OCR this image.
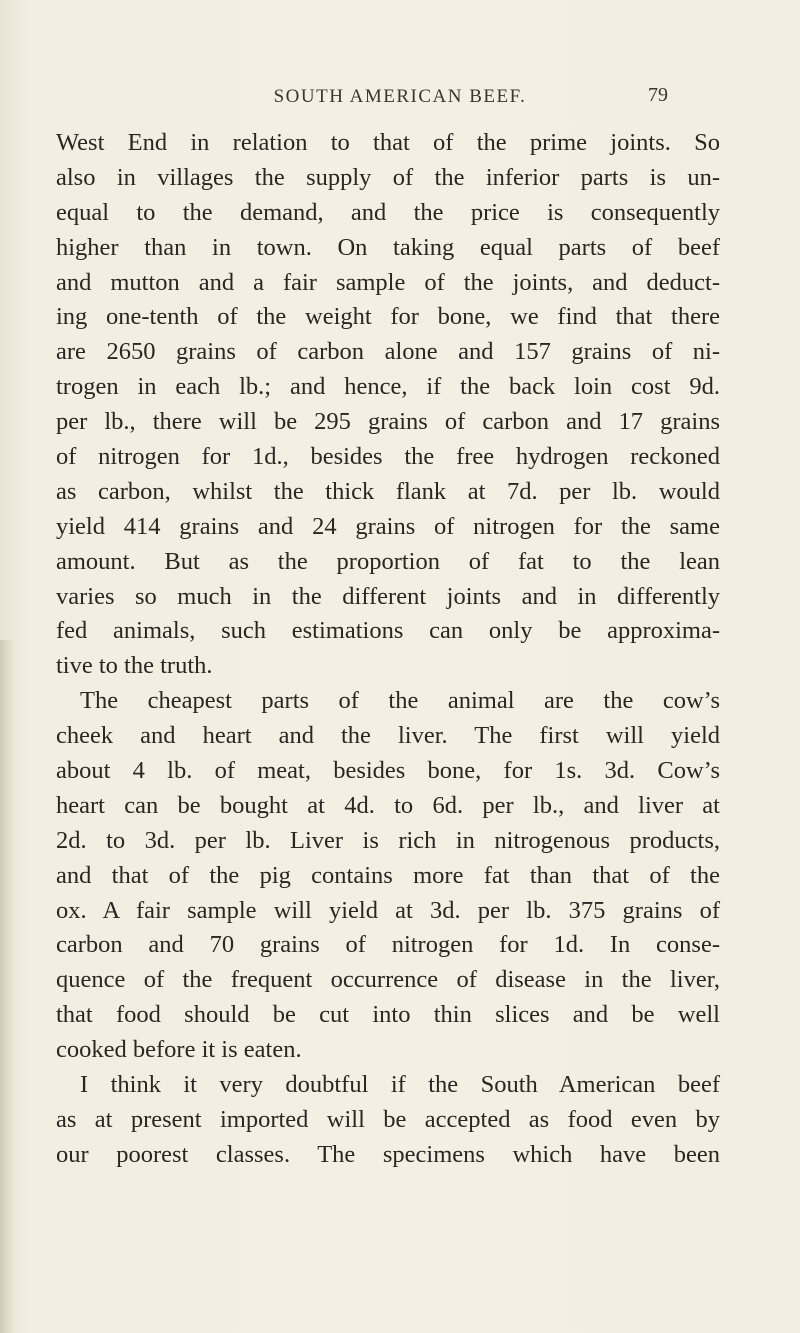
SOUTH AMERICAN BEEF.	79
West End in relation to that of the prime joints. So
also in villages the supply of the inferior parts is un-
equal to the demand, and the price is consequently
higher than in town. On taking equal parts of beef
and mutton and a fair sample of the joints, and deduct-
ing one-tenth of the weight for bone, we find that there
are 2650 grains of carbon alone and 157 grains of ni-
trogen in each lb.; and hence, if the back loin cost 9d.
per lb., there will be 295 grains of carbon and 17 grains
of nitrogen for 1d., besides the free hydrogen reckoned
as carbon, whilst the thick flank at 7d. per lb. would
yield 414 grains and 24 grains of nitrogen for the same
amount. But as the proportion of fat to the lean
varies so much in the different joints and in differently
fed animals, such estimations can only be approxima-
tive to the truth.
The cheapest parts of the animal are the cow’s
cheek and heart and the liver. The first will yield
about 4 lb. of meat, besides bone, for 1s. 3d. Cow’s
heart can be bought at 4d. to 6d. per lb., and liver at
2d. to 3d. per lb. Liver is rich in nitrogenous products,
and that of the pig contains more fat than that of the
ox. A fair sample will yield at 3d. per lb. 375 grains of
carbon and 70 grains of nitrogen for 1d. In conse-
quence of the frequent occurrence of disease in the liver,
that food should be cut into thin slices and be well
cooked before it is eaten.
I think it very doubtful if the South American beef
as at present imported will be accepted as food even by
our poorest classes. The specimens which have been
